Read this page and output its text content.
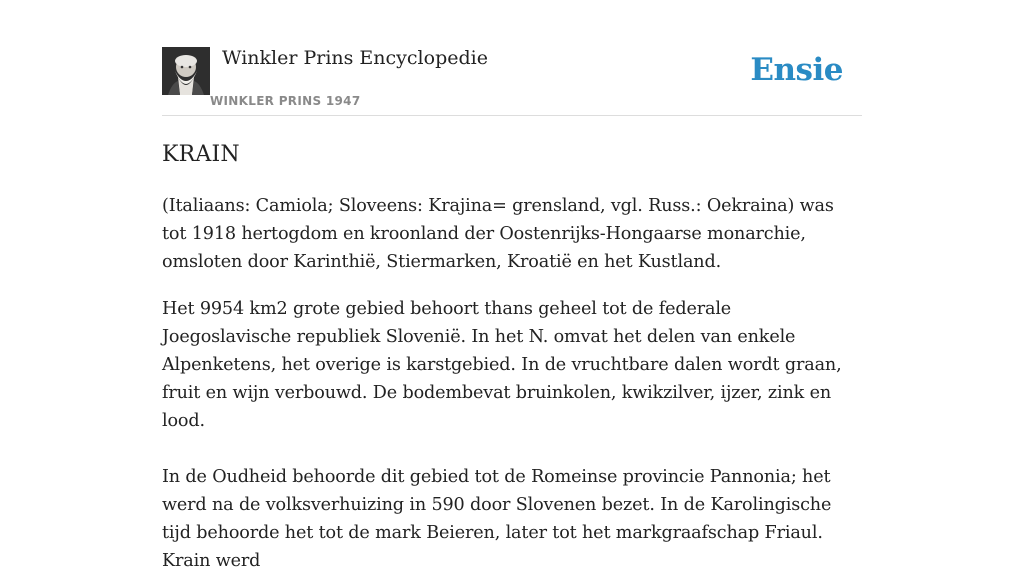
Winkler Prins Encyclopedie
WINKLER PRINS 1947
Ensie
KRAIN

(Italiaans: Camiola; Sloveens: Krajina= grensland, vgl. Russ.: Oekraina) was tot 1918 hertogdom en kroonland der Oostenrijks-Hongaarse monarchie, omsloten door Karinthië, Stiermarken, Kroatië en het Kustland.

Het 9954 km2 grote gebied behoort thans geheel tot de federale Joegoslavische republiek Slovenië. In het N. omvat het delen van enkele Alpenketens, het overige is karstgebied. In de vruchtbare dalen wordt graan, fruit en wijn verbouwd. De bodembevat bruinkolen, kwikzilver, ijzer, zink en lood.

In de Oudheid behoorde dit gebied tot de Romeinse provincie Pannonia; het werd na de volksverhuizing in 590 door Slovenen bezet. In de Karolingische tijd behoorde het tot de mark Beieren, later tot het markgraafschap Friaul. Krain werd
